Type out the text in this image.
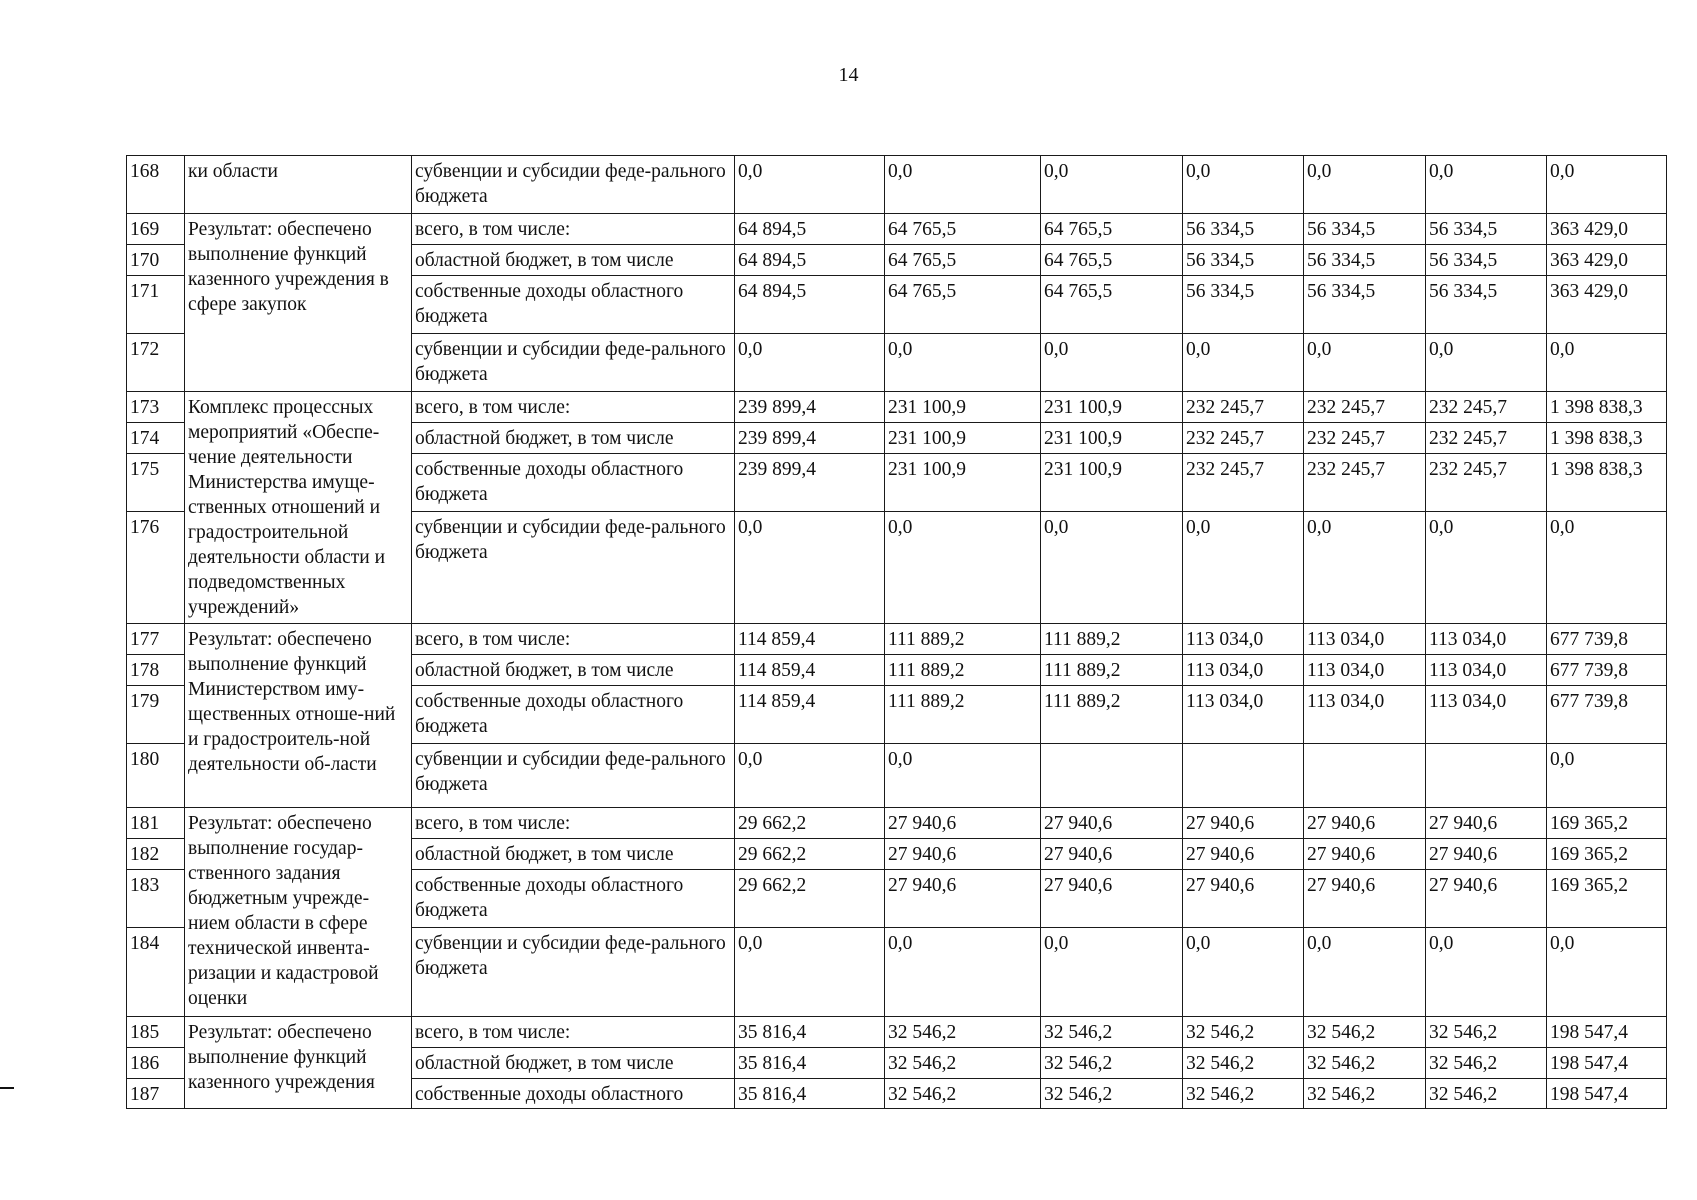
14
168	ки области	субвенции и субсидии феде-ральнoго бюджета	0,0	0,0	0,0	0,0	0,0	0,0	0,0
169	Результат: обеспечено выполнение функций казенного учреждения в сфере закупок	всего, в том числе:	64 894,5	64 765,5	64 765,5	56 334,5	56 334,5	56 334,5	363 429,0
170		областной бюджет, в том числе	64 894,5	64 765,5	64 765,5	56 334,5	56 334,5	56 334,5	363 429,0
171		собственные доходы областного бюджета	64 894,5	64 765,5	64 765,5	56 334,5	56 334,5	56 334,5	363 429,0
172		субвенции и субсидии феде-рального бюджета	0,0	0,0	0,0	0,0	0,0	0,0	0,0
173	Комплекс процессных мероприятий «Обеспе-чение деятельности Министерства имуще-ственных отношений и градостроительной деятельности области и подведомственных учреждений»	всего, в том числе:	239 899,4	231 100,9	231 100,9	232 245,7	232 245,7	232 245,7	1 398 838,3
174		областной бюджет, в том числе	239 899,4	231 100,9	231 100,9	232 245,7	232 245,7	232 245,7	1 398 838,3
175		собственные доходы областного бюджета	239 899,4	231 100,9	231 100,9	232 245,7	232 245,7	232 245,7	1 398 838,3
176		субвенции и субсидии феде-рального бюджета	0,0	0,0	0,0	0,0	0,0	0,0	0,0
177	Результат: обеспечено выполнение функций Министерством иму-щественных отноше-ний и градостроитель-ной деятельности об-ласти	всего, в том числе:	114 859,4	111 889,2	111 889,2	113 034,0	113 034,0	113 034,0	677 739,8
178		областной бюджет, в том числе	114 859,4	111 889,2	111 889,2	113 034,0	113 034,0	113 034,0	677 739,8
179		собственные доходы областного бюджета	114 859,4	111 889,2	111 889,2	113 034,0	113 034,0	113 034,0	677 739,8
180		субвенции и субсидии феде-рального бюджета	0,0	0,0					0,0
181	Результат: обеспечено выполнение государ-ственного задания бюджетным учрежде-нием области в сфере технической инвента-ризации и кадастровой оценки	всего, в том числе:	29 662,2	27 940,6	27 940,6	27 940,6	27 940,6	27 940,6	169 365,2
182		областной бюджет, в том числе	29 662,2	27 940,6	27 940,6	27 940,6	27 940,6	27 940,6	169 365,2
183		собственные доходы областного бюджета	29 662,2	27 940,6	27 940,6	27 940,6	27 940,6	27 940,6	169 365,2
184		субвенции и субсидии феде-рального бюджета	0,0	0,0	0,0	0,0	0,0	0,0	0,0
185	Результат: обеспечено выполнение функций казенного учреждения	всего, в том числе:	35 816,4	32 546,2	32 546,2	32 546,2	32 546,2	32 546,2	198 547,4
186		областной бюджет, в том числе	35 816,4	32 546,2	32 546,2	32 546,2	32 546,2	32 546,2	198 547,4
187		собственные доходы областного	35 816,4	32 546,2	32 546,2	32 546,2	32 546,2	32 546,2	198 547,4
